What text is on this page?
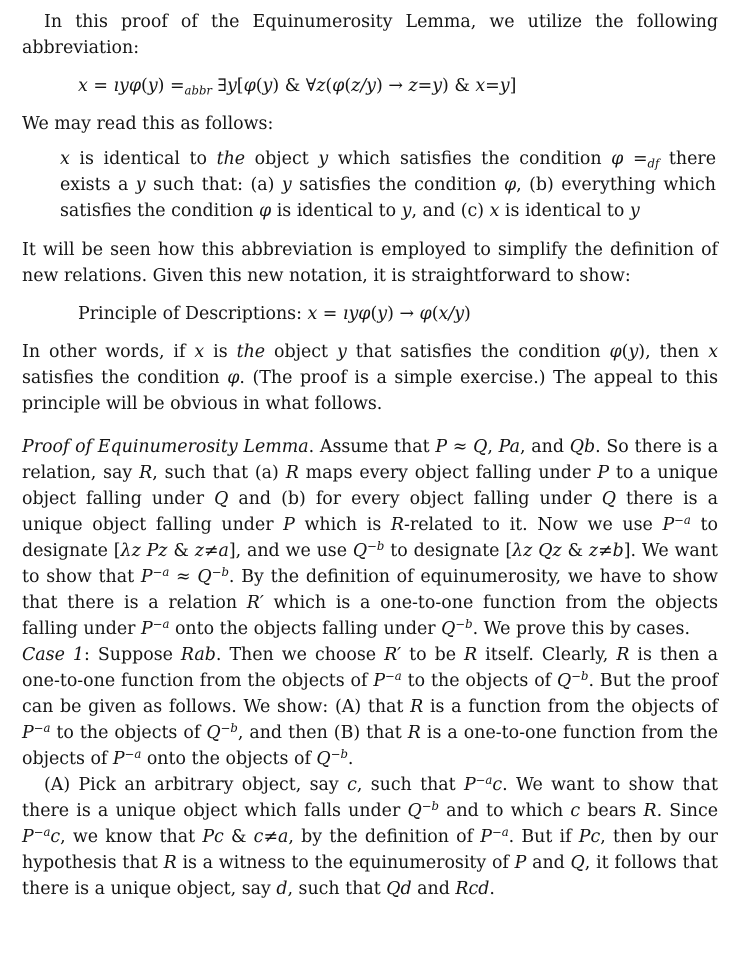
In this proof of the Equinumerosity Lemma, we utilize the following abbreviation:
x = ıyφ(y) $=_{abbr}$ ∃y[φ(y) & ∀z(φ(z/y) → z=y) & x=y]
We may read this as follows:
x is identical to the object y which satisfies the condition $\varphi =_{df}$ there exists a y such that: (a) y satisfies the condition φ, (b) everything which satisfies the condition φ is identical to y, and (c) x is identical to y
It will be seen how this abbreviation is employed to simplify the definition of new relations. Given this new notation, it is straightforward to show:
Principle of Descriptions: x = ıyφ(y) → φ(x/y)
In other words, if x is the object y that satisfies the condition φ(y), then x satisfies the condition φ. (The proof is a simple exercise.) The appeal to this principle will be obvious in what follows.
Proof of Equinumerosity Lemma. Assume that P ≈ Q, Pa, and Qb. So there is a relation, say R, such that (a) R maps every object falling under P to a unique object falling under Q and (b) for every object falling under Q there is a unique object falling under P which is R-related to it. Now we use $P^{-a}$ to designate [λz Pz & z≠a], and we use $Q^{-b}$ to designate [λz Qz & z≠b]. We want to show that $P^{-a} \approx Q^{-b}$. By the definition of equinumerosity, we have to show that there is a relation R′ which is a one-to-one function from the objects falling under $P^{-a}$ onto the objects falling under $Q^{-b}$. We prove this by cases.
Case 1: Suppose Rab. Then we choose R′ to be R itself. Clearly, R is then a one-to-one function from the objects of $P^{-a}$ to the objects of $Q^{-b}$. But the proof can be given as follows. We show: (A) that R is a function from the objects of $P^{-a}$ to the objects of $Q^{-b}$, and then (B) that R is a one-to-one function from the objects of $P^{-a}$ onto the objects of $Q^{-b}$.
(A) Pick an arbitrary object, say c, such that $P^{-a}c$. We want to show that there is a unique object which falls under $Q^{-b}$ and to which c bears R. Since $P^{-a}c$, we know that Pc & c≠a, by the definition of $P^{-a}$. But if Pc, then by our hypothesis that R is a witness to the equinumerosity of P and Q, it follows that there is a unique object, say d, such that Qd and Rcd.
